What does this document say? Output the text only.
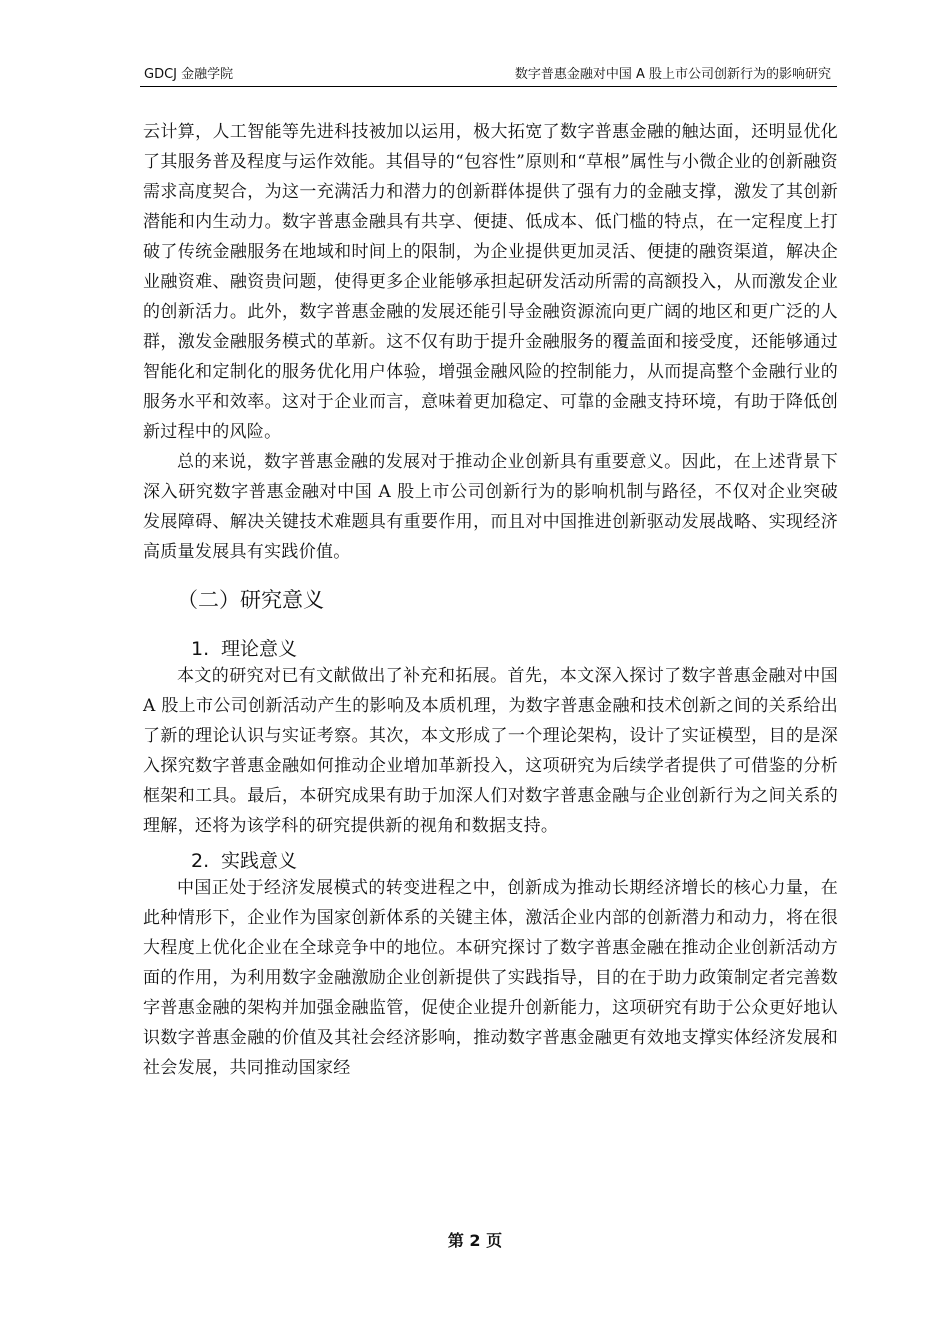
GDCJ 金融学院	数字普惠金融对中国 A 股上市公司创新行为的影响研究

云计算，人工智能等先进科技被加以运用，极大拓宽了数字普惠金融的触达面，还明显优化了其服务普及程度与运作效能。其倡导的“包容性”原则和“草根”属性与小微企业的创新融资需求高度契合，为这一充满活力和潜力的创新群体提供了强有力的金融支撑，激发了其创新潜能和内生动力。数字普惠金融具有共享、便捷、低成本、低门槛的特点，在一定程度上打破了传统金融服务在地域和时间上的限制，为企业提供更加灵活、便捷的融资渠道，解决企业融资难、融资贵问题，使得更多企业能够承担起研发活动所需的高额投入，从而激发企业的创新活力。此外，数字普惠金融的发展还能引导金融资源流向更广阔的地区和更广泛的人群，激发金融服务模式的革新。这不仅有助于提升金融服务的覆盖面和接受度，还能够通过智能化和定制化的服务优化用户体验，增强金融风险的控制能力，从而提高整个金融行业的服务水平和效率。这对于企业而言，意味着更加稳定、可靠的金融支持环境，有助于降低创新过程中的风险。

总的来说，数字普惠金融的发展对于推动企业创新具有重要意义。因此，在上述背景下深入研究数字普惠金融对中国 A 股上市公司创新行为的影响机制与路径，不仅对企业突破发展障碍、解决关键技术难题具有重要作用，而且对中国推进创新驱动发展战略、实现经济高质量发展具有实践价值。

（二）研究意义
1. 理论意义

本文的研究对已有文献做出了补充和拓展。首先，本文深入探讨了数字普惠金融对中国 A 股上市公司创新活动产生的影响及本质机理，为数字普惠金融和技术创新之间的关系给出了新的理论认识与实证考察。其次，本文形成了一个理论架构，设计了实证模型，目的是深入探究数字普惠金融如何推动企业增加革新投入，这项研究为后续学者提供了可借鉴的分析框架和工具。最后，本研究成果有助于加深人们对数字普惠金融与企业创新行为之间关系的理解，还将为该学科的研究提供新的视角和数据支持。

2. 实践意义

中国正处于经济发展模式的转变进程之中，创新成为推动长期经济增长的核心力量，在此种情形下，企业作为国家创新体系的关键主体，激活企业内部的创新潜力和动力，将在很大程度上优化企业在全球竞争中的地位。本研究探讨了数字普惠金融在推动企业创新活动方面的作用，为利用数字金融激励企业创新提供了实践指导，目的在于助力政策制定者完善数字普惠金融的架构并加强金融监管，促使企业提升创新能力，这项研究有助于公众更好地认识数字普惠金融的价值及其社会经济影响，推动数字普惠金融更有效地支撑实体经济发展和社会发展，共同推动国家经

第 2 页
